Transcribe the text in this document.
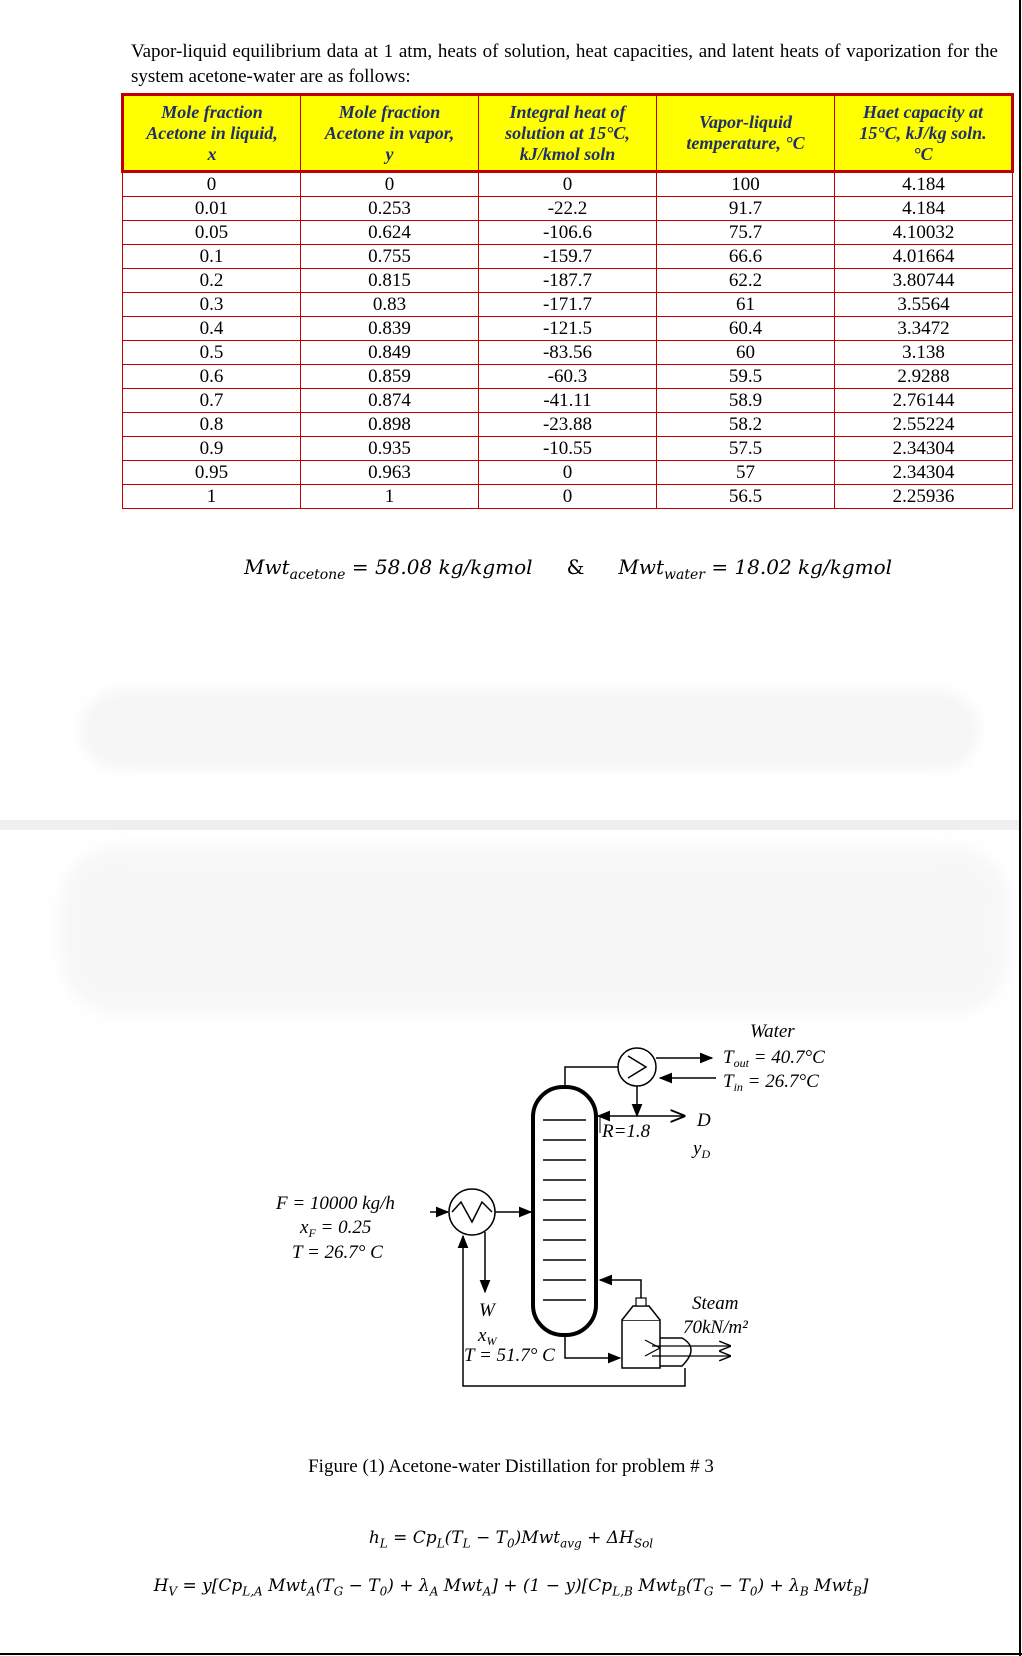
Vapor-liquid equilibrium data at 1 atm, heats of solution, heat capacities, and latent heats of vaporization for the system acetone-water are as follows:

Mole fraction
Acetone in liquid,
x	Mole fraction
Acetone in vapor,
y	Integral heat of
solution at 15°C,
kJ/kmol soln	Vapor-liquid
temperature, °C	Haet capacity at
15°C, kJ/kg soln.
°C
0	0	0	100	4.184
0.01	0.253	-22.2	91.7	4.184
0.05	0.624	-106.6	75.7	4.10032
0.1	0.755	-159.7	66.6	4.01664
0.2	0.815	-187.7	62.2	3.80744
0.3	0.83	-171.7	61	3.5564
0.4	0.839	-121.5	60.4	3.3472
0.5	0.849	-83.56	60	3.138
0.6	0.859	-60.3	59.5	2.9288
0.7	0.874	-41.11	58.9	2.76144
0.8	0.898	-23.88	58.2	2.55224
0.9	0.935	-10.55	57.5	2.34304
0.95	0.963	0	57	2.34304
1	1	0	56.5	2.25936
Mwt$_{acetone}$ = 58.08 kg/kgmol & Mwt$_{water}$ = 18.02 kg/kgmol
Water
$T_{out} = 40.7^\circ C$
$T_{in} = 26.7^\circ C$
R=1.8
D
$y_D$
F = 10000 kg/h
$x_F = 0.25$
T = 26.7° C
W
$x_W$
T = 51.7° C
Steam
70kN/m²
Figure (1) Acetone-water Distillation for problem # 3
$h_L = Cp_L(T_L - T_0)Mwt_{avg} + \Delta H_{Sol}$
$H_V = y[Cp_{L,A}$ $Mwt_A(T_G - T_0) + \lambda_A$ $Mwt_A] + (1 - y)[Cp_{L,B}$ $Mwt_B(T_G - T_0) + \lambda_B$ Mwt$_B$]
